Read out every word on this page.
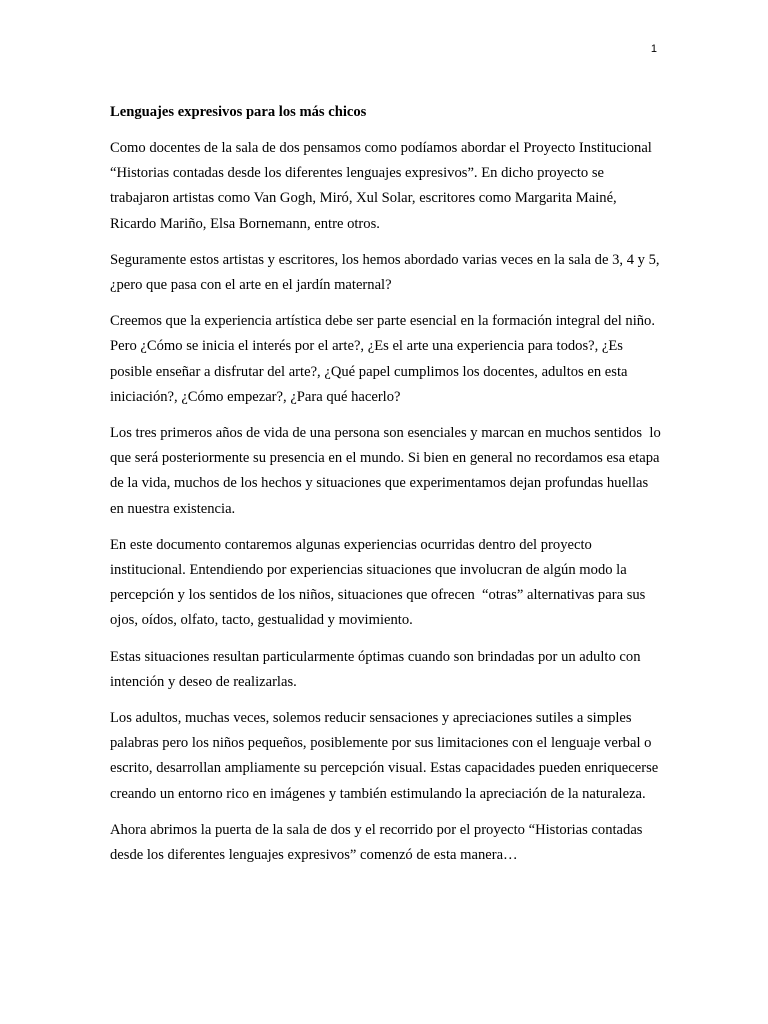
1

Lenguajes expresivos para los más chicos

Como docentes de la sala de dos pensamos como podíamos abordar el Proyecto Institucional “Historias contadas desde los diferentes lenguajes expresivos”. En dicho proyecto se trabajaron artistas como Van Gogh, Miró, Xul Solar, escritores como Margarita Mainé, Ricardo Mariño, Elsa Bornemann, entre otros.

Seguramente estos artistas y escritores, los hemos abordado varias veces en la sala de 3, 4 y 5, ¿pero que pasa con el arte en el jardín maternal?

Creemos que la experiencia artística debe ser parte esencial en la formación integral del niño. Pero ¿Cómo se inicia el interés por el arte?, ¿Es el arte una experiencia para todos?, ¿Es posible enseñar a disfrutar del arte?, ¿Qué papel cumplimos los docentes, adultos en esta iniciación?, ¿Cómo empezar?, ¿Para qué hacerlo?

Los tres primeros años de vida de una persona son esenciales y marcan en muchos sentidos  lo que será posteriormente su presencia en el mundo. Si bien en general no recordamos esa etapa de la vida, muchos de los hechos y situaciones que experimentamos dejan profundas huellas en nuestra existencia.

En este documento contaremos algunas experiencias ocurridas dentro del proyecto institucional. Entendiendo por experiencias situaciones que involucran de algún modo la percepción y los sentidos de los niños, situaciones que ofrecen  “otras” alternativas para sus ojos, oídos, olfato, tacto, gestualidad y movimiento.

Estas situaciones resultan particularmente óptimas cuando son brindadas por un adulto con intención y deseo de realizarlas.

Los adultos, muchas veces, solemos reducir sensaciones y apreciaciones sutiles a simples palabras pero los niños pequeños, posiblemente por sus limitaciones con el lenguaje verbal o escrito, desarrollan ampliamente su percepción visual. Estas capacidades pueden enriquecerse creando un entorno rico en imágenes y también estimulando la apreciación de la naturaleza.

Ahora abrimos la puerta de la sala de dos y el recorrido por el proyecto “Historias contadas desde los diferentes lenguajes expresivos” comenzó de esta manera…
